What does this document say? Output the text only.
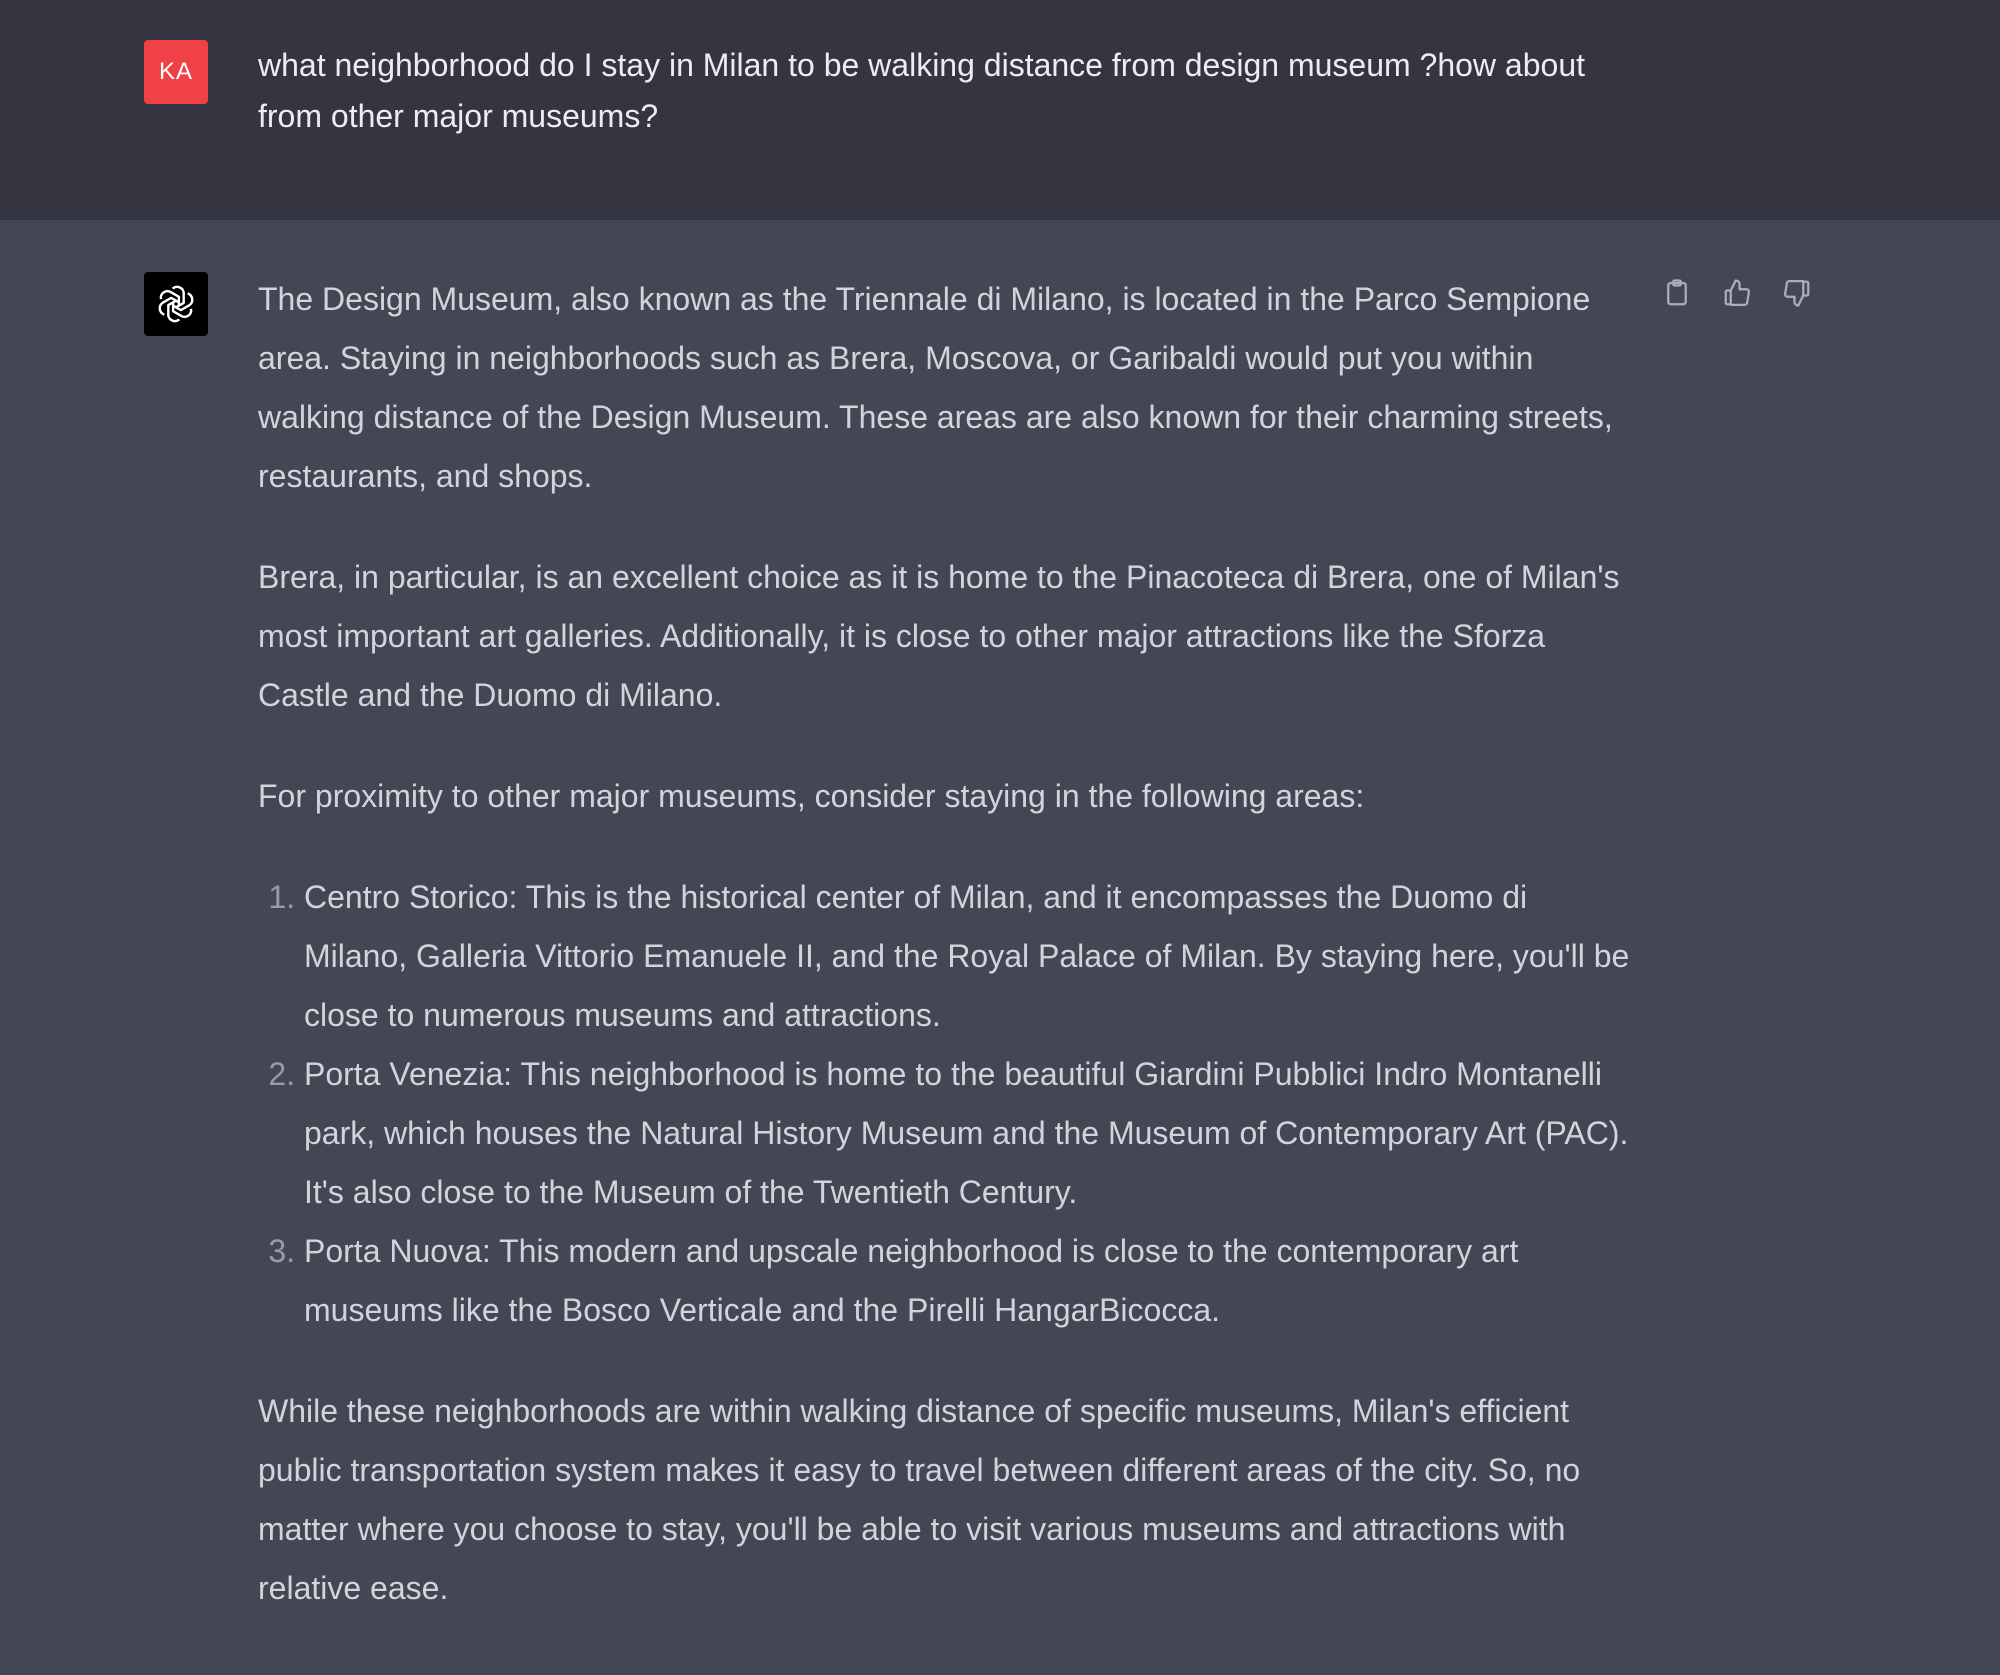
KA what neighborhood do I stay in Milan to be walking distance from design museum ?how about from other major museums?

The Design Museum, also known as the Triennale di Milano, is located in the Parco Sempione area. Staying in neighborhoods such as Brera, Moscova, or Garibaldi would put you within walking distance of the Design Museum. These areas are also known for their charming streets, restaurants, and shops.

Brera, in particular, is an excellent choice as it is home to the Pinacoteca di Brera, one of Milan's most important art galleries. Additionally, it is close to other major attractions like the Sforza Castle and the Duomo di Milano.

For proximity to other major museums, consider staying in the following areas:

1. Centro Storico: This is the historical center of Milan, and it encompasses the Duomo di Milano, Galleria Vittorio Emanuele II, and the Royal Palace of Milan. By staying here, you'll be close to numerous museums and attractions.
2. Porta Venezia: This neighborhood is home to the beautiful Giardini Pubblici Indro Montanelli park, which houses the Natural History Museum and the Museum of Contemporary Art (PAC). It's also close to the Museum of the Twentieth Century.
3. Porta Nuova: This modern and upscale neighborhood is close to the contemporary art museums like the Bosco Verticale and the Pirelli HangarBicocca.

While these neighborhoods are within walking distance of specific museums, Milan's efficient public transportation system makes it easy to travel between different areas of the city. So, no matter where you choose to stay, you'll be able to visit various museums and attractions with relative ease.
